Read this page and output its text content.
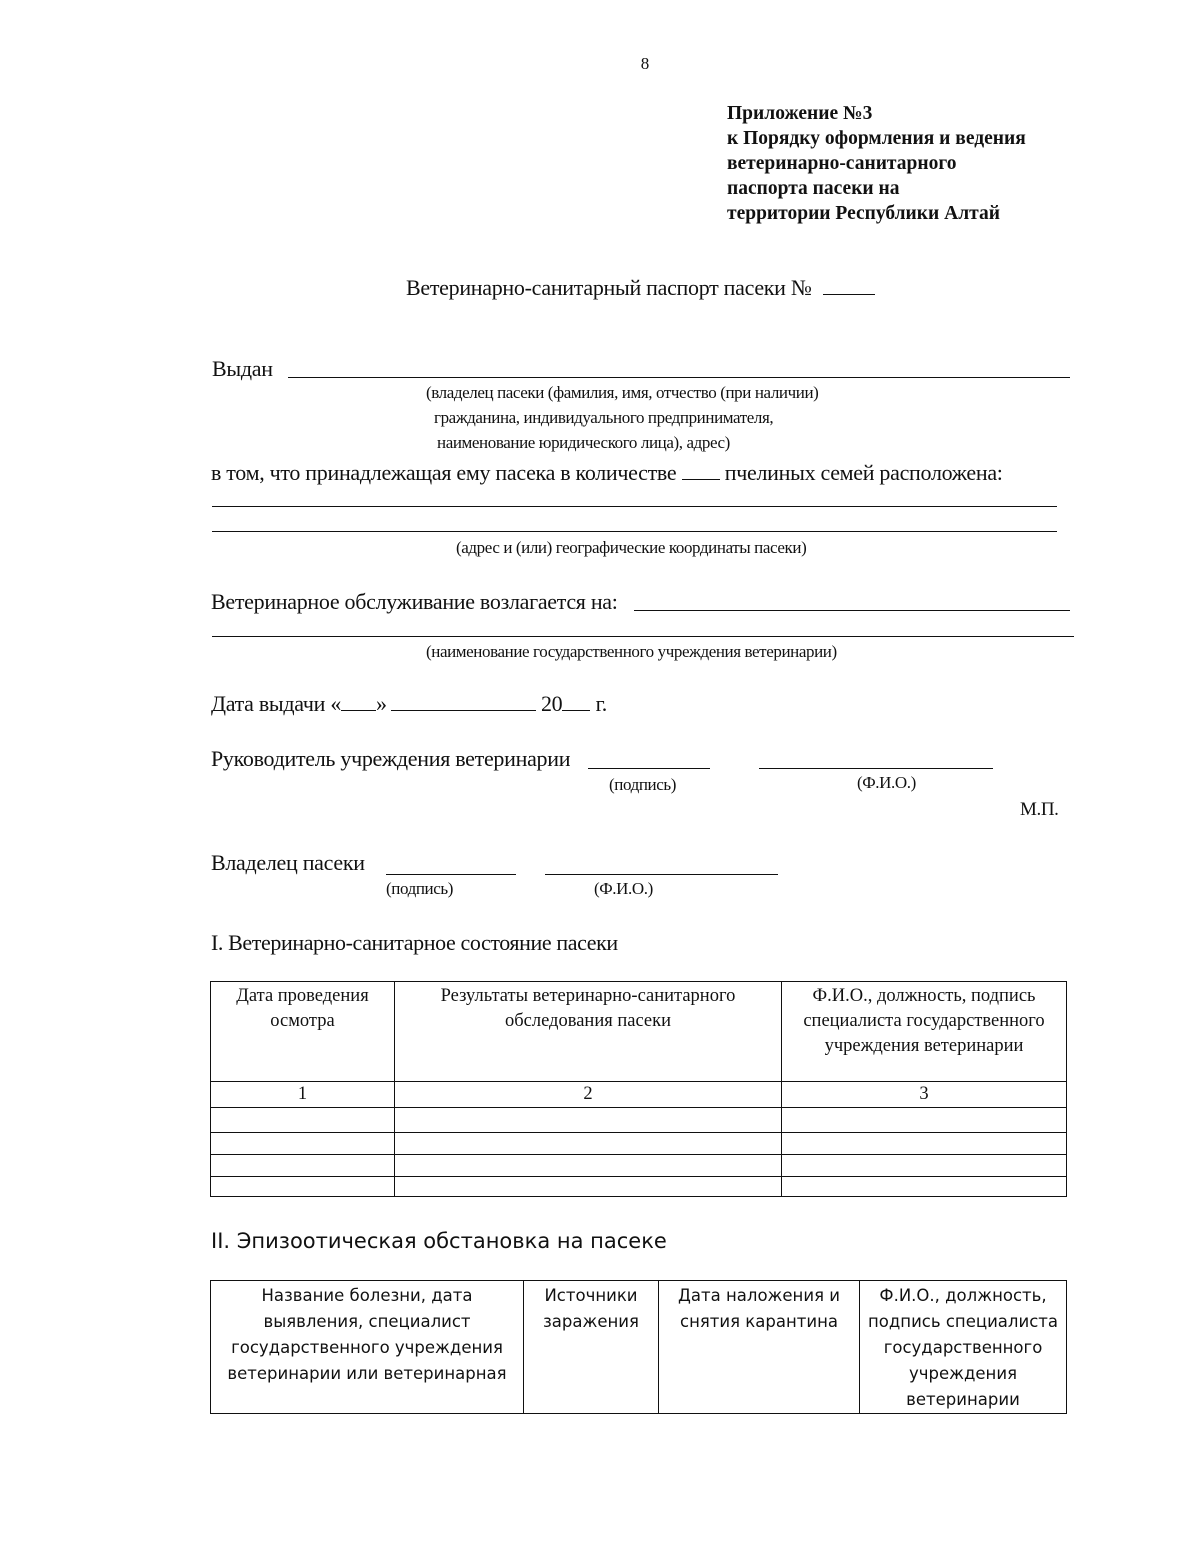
8
Приложение №3
к Порядку оформления и ведения
ветеринарно-санитарного
паспорта пасеки на
территории Республики Алтай
Ветеринарно-санитарный паспорт пасеки №
Выдан
(владелец пасеки (фамилия, имя, отчество (при наличии)
гражданина, индивидуального предпринимателя,
наименование юридического лица), адрес)
в том, что принадлежащая ему пасека в количестве пчелиных семей расположена:
(адрес и (или) географические координаты пасеки)
Ветеринарное обслуживание возлагается на:
(наименование государственного учреждения ветеринарии)
Дата выдачи « »	20 г.
Руководитель учреждения ветеринарии
(подпись)	(Ф.И.О.)
М.П.
Владелец пасеки
(подпись)	(Ф.И.О.)
I. Ветеринарно-санитарное состояние пасеки
Дата проведения осмотра	Результаты ветеринарно-санитарного обследования пасеки	Ф.И.О., должность, подпись специалиста государственного учреждения ветеринарии
1	2	3

II. Эпизоотическая обстановка на пасеке
Название болезни, дата выявления, специалист государственного учреждения ветеринарии или ветеринарная	Источники заражения	Дата наложения и снятия карантина	Ф.И.О., должность, подпись специалиста государственного учреждения ветеринарии
